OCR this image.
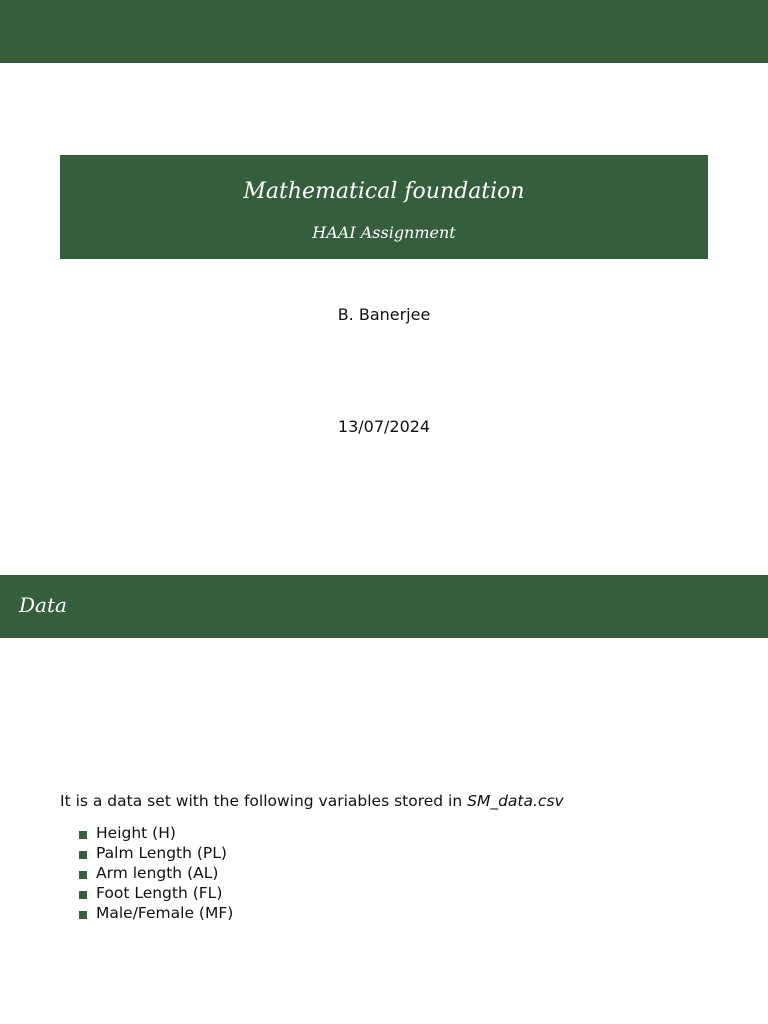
Mathematical foundation
HAAI Assignment
B. Banerjee
13/07/2024
Data
It is a data set with the following variables stored in SM_data.csv
Height (H)
Palm Length (PL)
Arm length (AL)
Foot Length (FL)
Male/Female (MF)
